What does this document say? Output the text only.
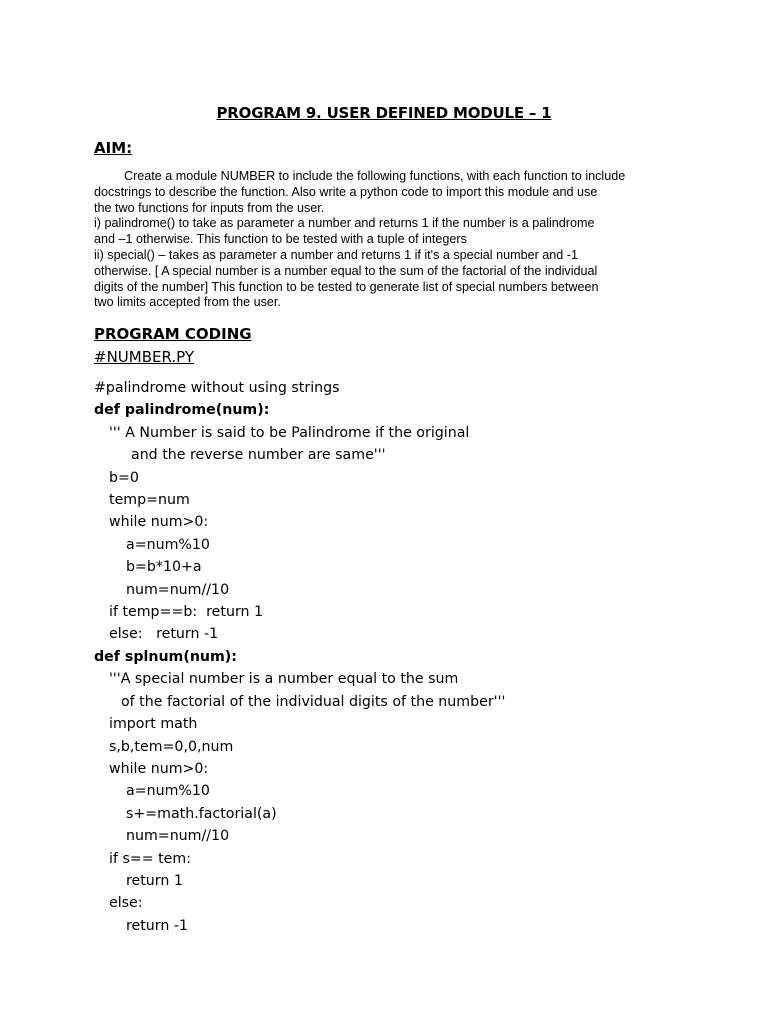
PROGRAM 9. USER DEFINED MODULE – 1
AIM:
Create a module NUMBER to include the following functions, with each function to include
docstrings to describe the function. Also write a python code to import this module and use
the two functions for inputs from the user.
i) palindrome() to take as parameter a number and returns 1 if the number is a palindrome
and –1 otherwise. This function to be tested with a tuple of integers
ii) special() – takes as parameter a number and returns 1 if it's a special number and -1
otherwise. [ A special number is a number equal to the sum of the factorial of the individual
digits of the number] This function to be tested to generate list of special numbers between
two limits accepted from the user.
PROGRAM CODING
#NUMBER.PY
#palindrome without using strings
def palindrome(num):
''' A Number is said to be Palindrome if the original
and the reverse number are same'''
b=0
temp=num
while num>0:
a=num%10
b=b*10+a
num=num//10
if temp==b:  return 1
else:   return -1
def splnum(num):
'''A special number is a number equal to the sum
of the factorial of the individual digits of the number'''
import math
s,b,tem=0,0,num
while num>0:
a=num%10
s+=math.factorial(a)
num=num//10
if s== tem:
return 1
else:
return -1
